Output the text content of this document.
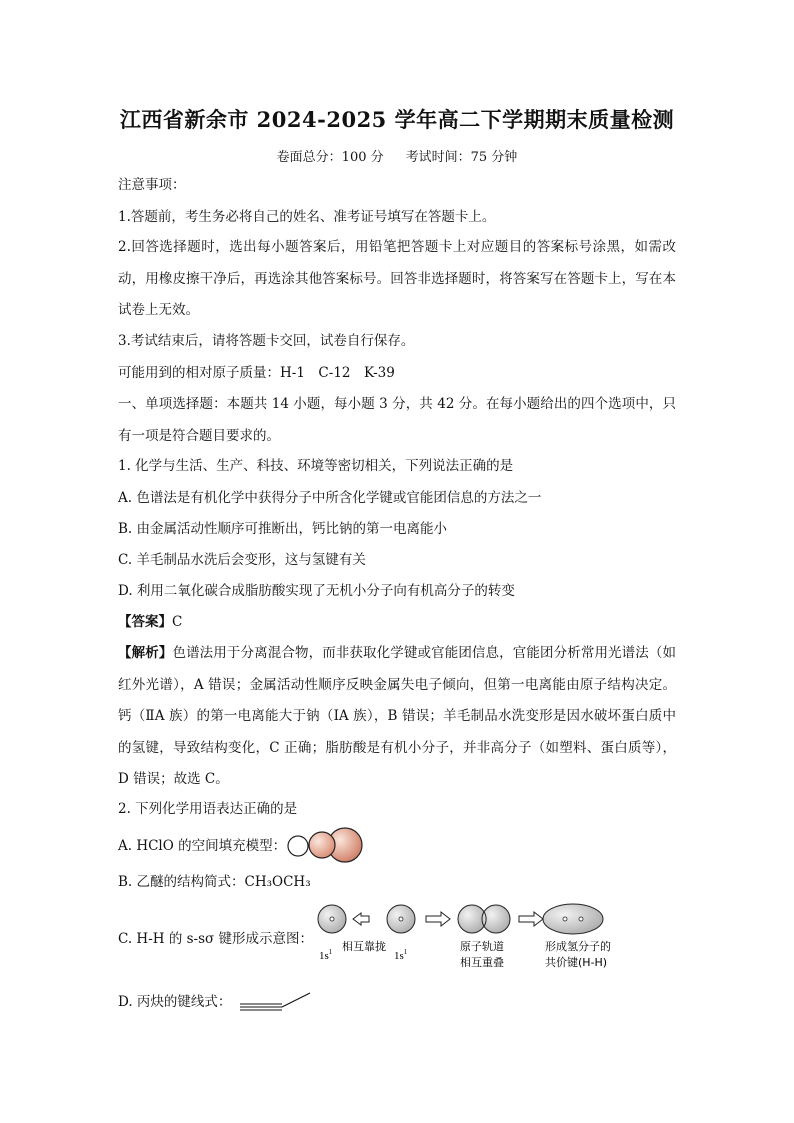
江西省新余市 2024-2025 学年高二下学期期末质量检测
卷面总分：100 分 考试时间：75 分钟
注意事项：
1.答题前，考生务必将自己的姓名、准考证号填写在答题卡上。
2.回答选择题时，选出每小题答案后，用铅笔把答题卡上对应题目的答案标号涂黑，如需改动，用橡皮擦干净后，再选涂其他答案标号。回答非选择题时，将答案写在答题卡上，写在本试卷上无效。
3.考试结束后，请将答题卡交回，试卷自行保存。
可能用到的相对原子质量：H-1　C-12　K-39
一、单项选择题：本题共 14 小题，每小题 3 分，共 42 分。在每小题给出的四个选项中，只有一项是符合题目要求的。
1. 化学与生活、生产、科技、环境等密切相关，下列说法正确的是
A. 色谱法是有机化学中获得分子中所含化学键或官能团信息的方法之一
B. 由金属活动性顺序可推断出，钙比钠的第一电离能小
C. 羊毛制品水洗后会变形，这与氢键有关
D. 利用二氧化碳合成脂肪酸实现了无机小分子向有机高分子的转变
【答案】C
【解析】色谱法用于分离混合物，而非获取化学键或官能团信息，官能团分析常用光谱法（如红外光谱），A 错误；金属活动性顺序反映金属失电子倾向，但第一电离能由原子结构决定。钙（ⅡA 族）的第一电离能大于钠（IA 族），B 错误；羊毛制品水洗变形是因水破坏蛋白质中的氢键，导致结构变化，C 正确；脂肪酸是有机小分子，并非高分子（如塑料、蛋白质等），D 错误；故选 C。
2. 下列化学用语表达正确的是
A. HClO 的空间填充模型：
B. 乙醚的结构简式：CH₃OCH₃
C. H-H 的 s-sσ 键形成示意图：
$1s^1$ 相互靠拢
$1s^1$	原子轨道
相互重叠
形成氢分子的
共价键(H-H)
D. 丙炔的键线式：
